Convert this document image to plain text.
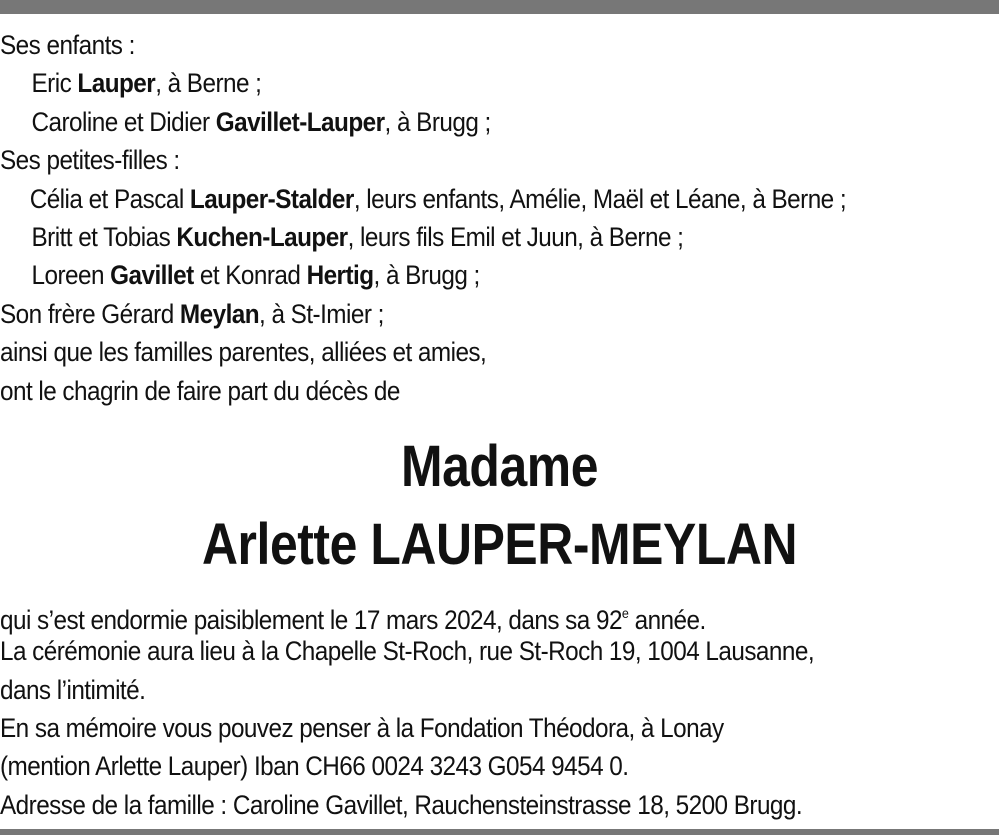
Ses enfants :
Eric Lauper, à Berne ;
Caroline et Didier Gavillet-Lauper, à Brugg ;
Ses petites-filles :
Célia et Pascal Lauper-Stalder, leurs enfants, Amélie, Maël et Léane, à Berne ;
Britt et Tobias Kuchen-Lauper, leurs fils Emil et Juun, à Berne ;
Loreen Gavillet et Konrad Hertig, à Brugg ;
Son frère Gérard Meylan, à St-Imier ;
ainsi que les familles parentes, alliées et amies,
ont le chagrin de faire part du décès de
Madame
Arlette LAUPER-MEYLAN
qui s’est endormie paisiblement le 17 mars 2024, dans sa 92e année.
La cérémonie aura lieu à la Chapelle St-Roch, rue St-Roch 19, 1004 Lausanne,
dans l’intimité.
En sa mémoire vous pouvez penser à la Fondation Théodora, à Lonay
(mention Arlette Lauper) Iban CH66 0024 3243 G054 9454 0.
Adresse de la famille : Caroline Gavillet, Rauchensteinstrasse 18, 5200 Brugg.
